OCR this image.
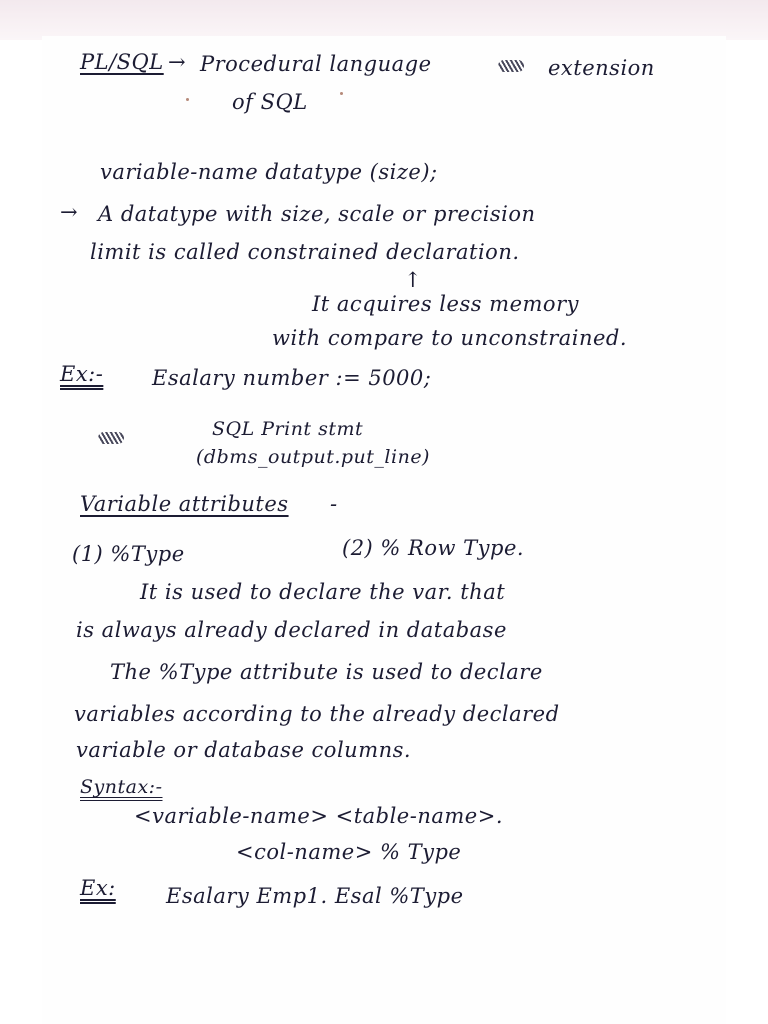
PL/SQL → Procedural language	extension
of SQL
variable-name datatype (size);
→ A datatype with size, scale or precision
limit is called constrained declaration.
↑
It acquires less memory
with compare to unconstrained.
Ex:- Esalary number := 5000;
SQL Print stmt
(dbms_output.put_line)
Variable attributes -
(1) %Type	(2) % Row Type.
It is used to declare the var. that
is always already declared in database
The %Type attribute is used to declare
variables according to the already declared
variable or database columns.
Syntax:-
<variable-name> <table-name>.
<col-name> % Type
Ex: Esalary Emp1. Esal %Type
